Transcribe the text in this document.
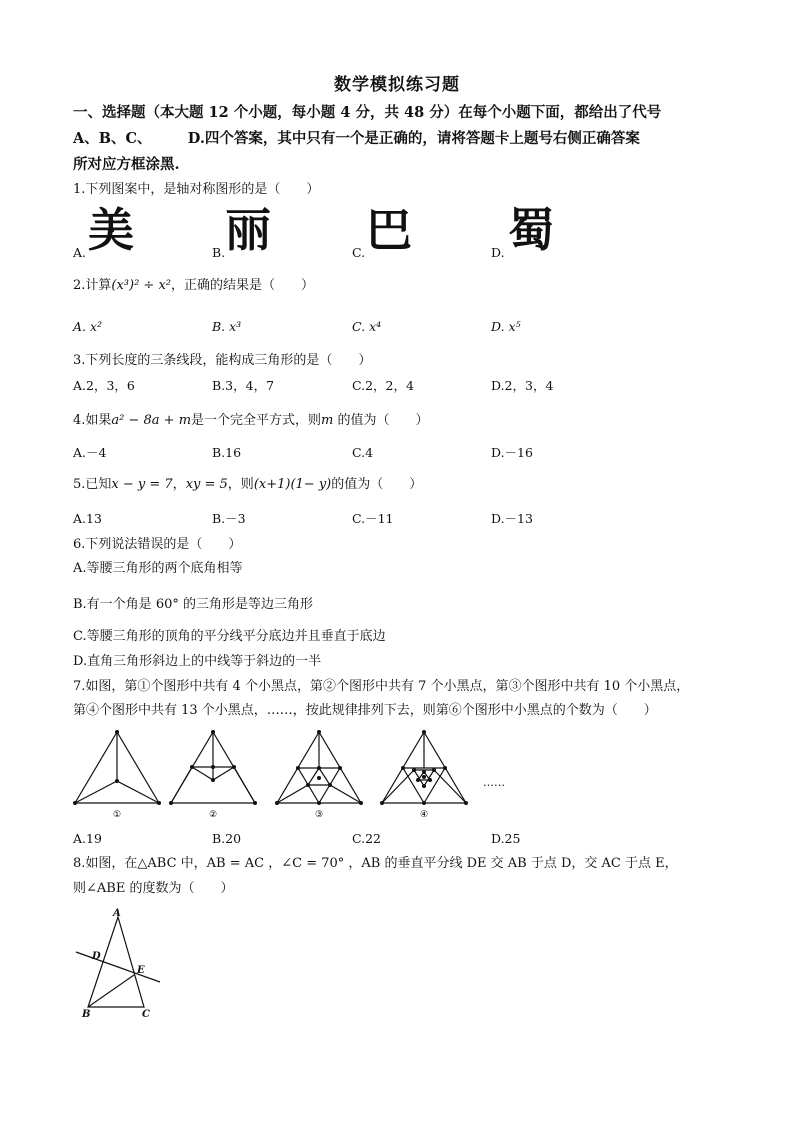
数学模拟练习题
一、选择题（本大题 12 个小题，每小题 4 分，共 48 分）在每个小题下面，都给出了代号
A、B、C、　　　D.四个答案，其中只有一个是正确的，请将答题卡上题号右侧正确答案
所对应方框涂黑.
1.下列图案中，是轴对称图形的是（　　）
美 丽 巴 蜀
A.	B.	C.	D.
2.计算(x³)² ÷ x²，正确的结果是（　　）
A. x²	B. x³	C. x⁴	D. x⁵
3.下列长度的三条线段，能构成三角形的是（　　）
A.2，3，6	B.3，4，7	C.2，2，4	D.2，3，4
4.如果a² − 8a + m是一个完全平方式，则m 的值为（　　）
A.－4	B.16	C.4	D.－16
5.已知x − y = 7，xy = 5，则(x+1)(1− y)的值为（　　）
A.13	B.－3	C.－11	D.－13
6.下列说法错误的是（　　）
A.等腰三角形的两个底角相等
B.有一个角是 60° 的三角形是等边三角形
C.等腰三角形的顶角的平分线平分底边并且垂直于底边
D.直角三角形斜边上的中线等于斜边的一半
7.如图，第①个图形中共有 4 个小黑点，第②个图形中共有 7 个小黑点，第③个图形中共有 10 个小黑点，
第④个图形中共有 13 个小黑点，……，按此规律排列下去，则第⑥个图形中小黑点的个数为（　　）
①	②	③	④
……
A.19	B.20	C.22	D.25
8.如图，在△ABC 中，AB = AC ，∠C = 70° ，AB 的垂直平分线 DE 交 AB 于点 D，交 AC 于点 E，
则∠ABE 的度数为（　　）
A
D
E
B	C
